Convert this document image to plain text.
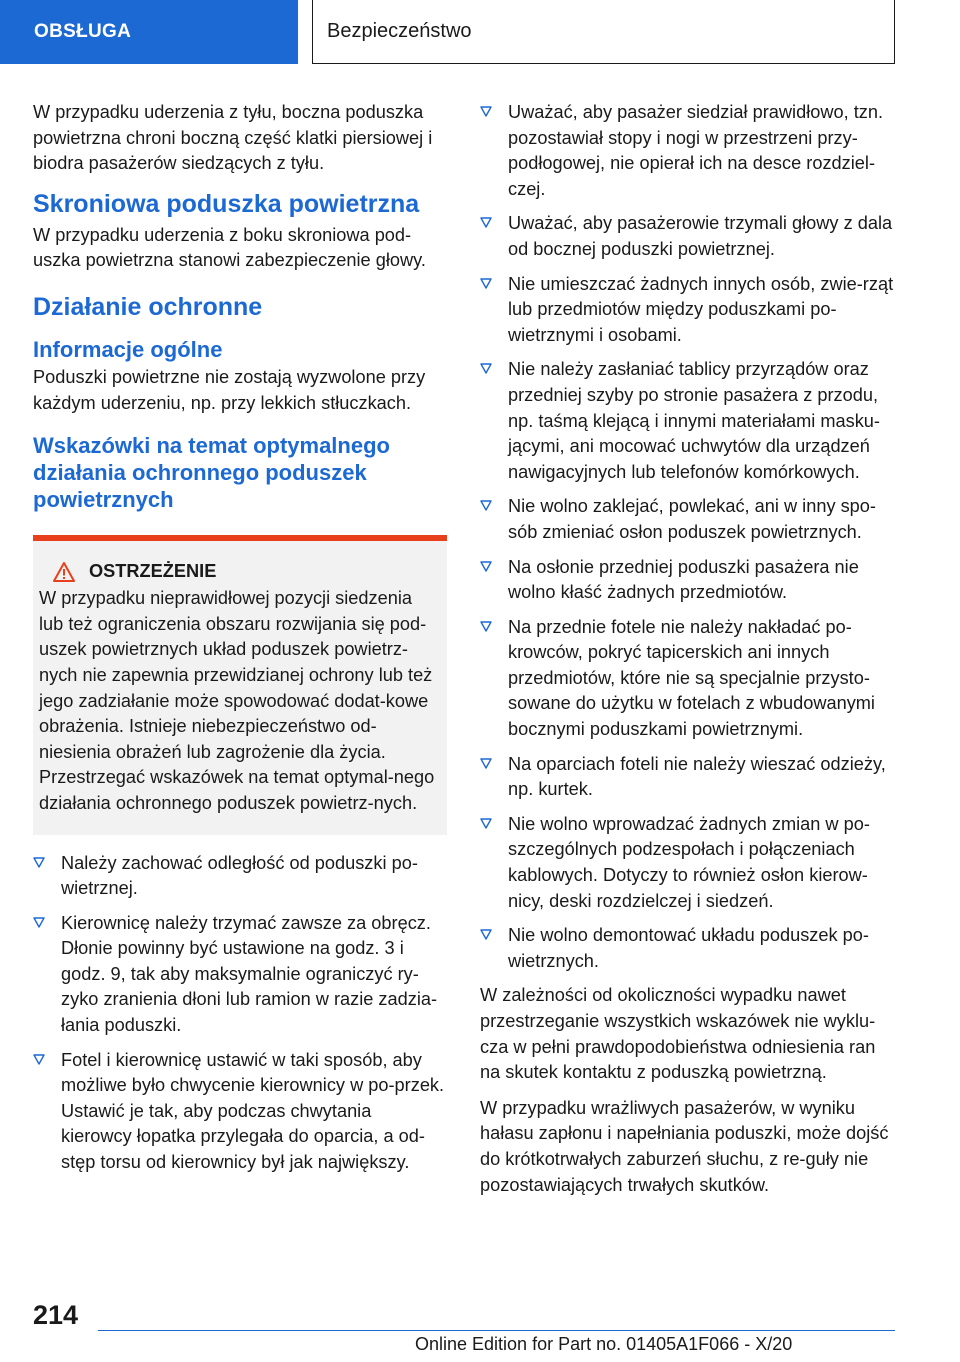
OBSŁUGA	Bezpieczeństwo

W przypadku uderzenia z tyłu, boczna poduszka powietrzna chroni boczną część klatki piersiowej i biodra pasażerów siedzących z tyłu.

Skroniowa poduszka powietrzna

W przypadku uderzenia z boku skroniowa pod-uszka powietrzna stanowi zabezpieczenie głowy.

Działanie ochronne
Informacje ogólne

Poduszki powietrzne nie zostają wyzwolone przy każdym uderzeniu, np. przy lekkich stłuczkach.

Wskazówki na temat optymalnego działania ochronnego poduszek powietrznych
OSTRZEŻENIE

W przypadku nieprawidłowej pozycji siedzenia lub też ograniczenia obszaru rozwijania się pod-uszek powietrznych układ poduszek powietrz-nych nie zapewnia przewidzianej ochrony lub też jego zadziałanie może spowodować dodat-kowe obrażenia. Istnieje niebezpieczeństwo od-niesienia obrażeń lub zagrożenie dla życia. Przestrzegać wskazówek na temat optymal-nego działania ochronnego poduszek powietrz-nych.

Należy zachować odległość od poduszki po-wietrznej.
Kierownicę należy trzymać zawsze za obręcz. Dłonie powinny być ustawione na godz. 3 i godz. 9, tak aby maksymalnie ograniczyć ry-zyko zranienia dłoni lub ramion w razie zadzia-łania poduszki.
Fotel i kierownicę ustawić w taki sposób, aby możliwe było chwycenie kierownicy w po-przek. Ustawić je tak, aby podczas chwytania kierowcy łopatka przylegała do oparcia, a od-stęp torsu od kierownicy był jak największy.
Uważać, aby pasażer siedział prawidłowo, tzn. pozostawiał stopy i nogi w przestrzeni przy-podłogowej, nie opierał ich na desce rozdziel-czej.
Uważać, aby pasażerowie trzymali głowy z dala od bocznej poduszki powietrznej.
Nie umieszczać żadnych innych osób, zwie-rząt lub przedmiotów między poduszkami po-wietrznymi i osobami.
Nie należy zasłaniać tablicy przyrządów oraz przedniej szyby po stronie pasażera z przodu, np. taśmą klejącą i innymi materiałami masku-jącymi, ani mocować uchwytów dla urządzeń nawigacyjnych lub telefonów komórkowych.
Nie wolno zaklejać, powlekać, ani w inny spo-sób zmieniać osłon poduszek powietrznych.
Na osłonie przedniej poduszki pasażera nie wolno kłaść żadnych przedmiotów.
Na przednie fotele nie należy nakładać po-krowców, pokryć tapicerskich ani innych przedmiotów, które nie są specjalnie przysto-sowane do użytku w fotelach z wbudowanymi bocznymi poduszkami powietrznymi.
Na oparciach foteli nie należy wieszać odzieży, np. kurtek.
Nie wolno wprowadzać żadnych zmian w po-szczególnych podzespołach i połączeniach kablowych. Dotyczy to również osłon kierow-nicy, deski rozdzielczej i siedzeń.
Nie wolno demontować układu poduszek po-wietrznych.

W zależności od okoliczności wypadku nawet przestrzeganie wszystkich wskazówek nie wyklu-cza w pełni prawdopodobieństwa odniesienia ran na skutek kontaktu z poduszką powietrzną.

W przypadku wrażliwych pasażerów, w wyniku hałasu zapłonu i napełniania poduszki, może dojść do krótkotrwałych zaburzeń słuchu, z re-guły nie pozostawiających trwałych skutków.

214
Online Edition for Part no. 01405A1F066 - X/20
